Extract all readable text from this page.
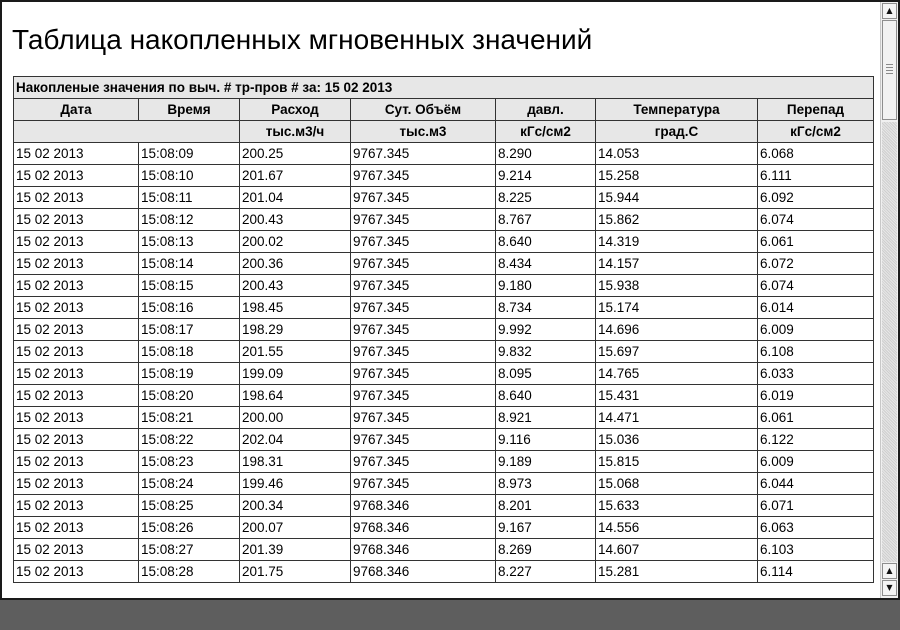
Таблица накопленных мгновенных значений
Накопленые значения по выч. # тр-пров # за: 15 02 2013						
Дата	Время	Расход	Сут. Объём	давл.	Температура	Перепад
		тыс.м3/ч	тыс.м3	кГс/см2	град.С	кГс/см2
15 02 2013	15:08:09	200.25	9767.345	8.290	14.053	6.068
15 02 2013	15:08:10	201.67	9767.345	9.214	15.258	6.111
15 02 2013	15:08:11	201.04	9767.345	8.225	15.944	6.092
15 02 2013	15:08:12	200.43	9767.345	8.767	15.862	6.074
15 02 2013	15:08:13	200.02	9767.345	8.640	14.319	6.061
15 02 2013	15:08:14	200.36	9767.345	8.434	14.157	6.072
15 02 2013	15:08:15	200.43	9767.345	9.180	15.938	6.074
15 02 2013	15:08:16	198.45	9767.345	8.734	15.174	6.014
15 02 2013	15:08:17	198.29	9767.345	9.992	14.696	6.009
15 02 2013	15:08:18	201.55	9767.345	9.832	15.697	6.108
15 02 2013	15:08:19	199.09	9767.345	8.095	14.765	6.033
15 02 2013	15:08:20	198.64	9767.345	8.640	15.431	6.019
15 02 2013	15:08:21	200.00	9767.345	8.921	14.471	6.061
15 02 2013	15:08:22	202.04	9767.345	9.116	15.036	6.122
15 02 2013	15:08:23	198.31	9767.345	9.189	15.815	6.009
15 02 2013	15:08:24	199.46	9767.345	8.973	15.068	6.044
15 02 2013	15:08:25	200.34	9768.346	8.201	15.633	6.071
15 02 2013	15:08:26	200.07	9768.346	9.167	14.556	6.063
15 02 2013	15:08:27	201.39	9768.346	8.269	14.607	6.103
15 02 2013	15:08:28	201.75	9768.346	8.227	15.281	6.114
▲
▲
▼
